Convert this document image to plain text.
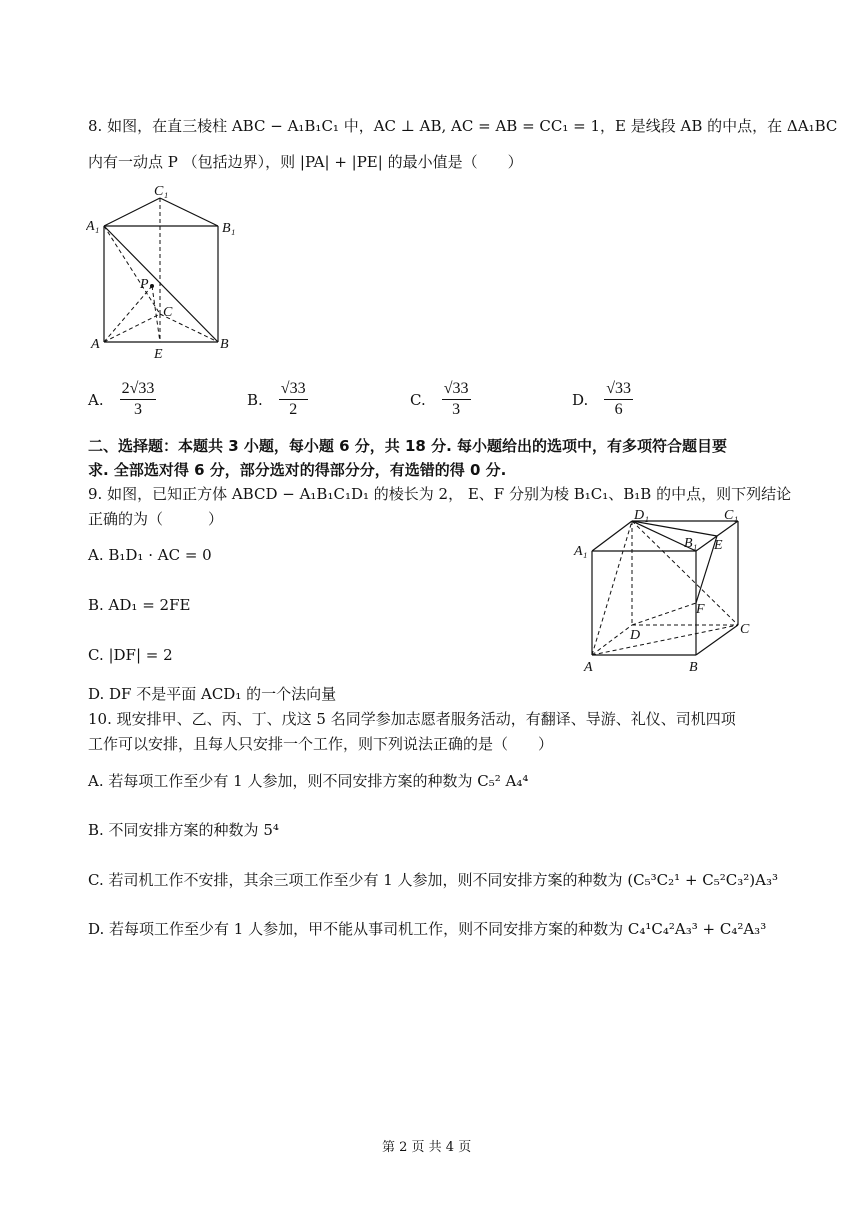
8. 如图，在直三棱柱 ABC − A₁B₁C₁ 中，AC ⊥ AB, AC = AB = CC₁ = 1，E 是线段 AB 的中点，在 ΔA₁BC
内有一动点 P （包括边界），则 |PA| + |PE| 的最小值是（　　）
C₁
A₁	B₁
P
C
A	B
E
A. $\frac{2√33}{3}$	B. $\frac{√33}{2}$	C. $\frac{√33}{3}$	D. $\frac{√33}{6}$
二、选择题：本题共 3 小题，每小题 6 分，共 18 分. 每小题给出的选项中，有多项符合题目要
求. 全部选对得 6 分，部分选对的得部分分，有选错的得 0 分.
9. 如图，已知正方体 ABCD − A₁B₁C₁D₁ 的棱长为 2， E、F 分别为棱 B₁C₁、B₁B 的中点，则下列结论
正确的为（　　　）
A. B₁D₁ · AC = 0
B. AD₁ = 2FE
C. |DF| = 2
D. DF 不是平面 ACD₁ 的一个法向量
D₁	C₁
A₁
B₁ E
F
D	C
A	B
10. 现安排甲、乙、丙、丁、戊这 5 名同学参加志愿者服务活动，有翻译、导游、礼仪、司机四项
工作可以安排，且每人只安排一个工作，则下列说法正确的是（　　）
A. 若每项工作至少有 1 人参加，则不同安排方案的种数为 C₅² A₄⁴
B. 不同安排方案的种数为 5⁴
C. 若司机工作不安排，其余三项工作至少有 1 人参加，则不同安排方案的种数为 (C₅³C₂¹ + C₅²C₃²)A₃³
D. 若每项工作至少有 1 人参加，甲不能从事司机工作，则不同安排方案的种数为 C₄¹C₄²A₃³ + C₄²A₃³
第 2 页 共 4 页
